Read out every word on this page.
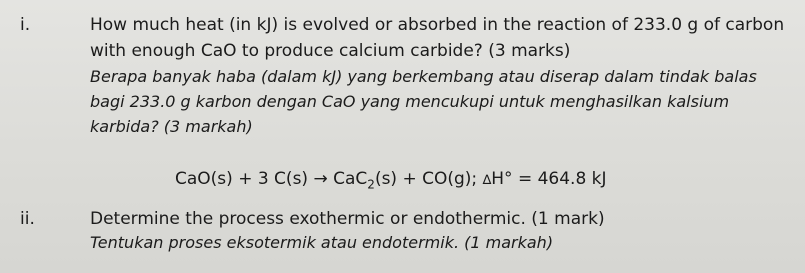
i.	How much heat (in kJ) is evolved or absorbed in the reaction of 233.0 g of carbon
with enough CaO to produce calcium carbide? (3 marks)
Berapa banyak haba (dalam kJ) yang berkembang atau diserap dalam tindak balas
bagi 233.0 g karbon dengan CaO yang mencukupi untuk menghasilkan kalsium
karbida? (3 markah)
CaO(s) + 3 C(s) → CaC$_2$(s) + CO(g); ∆H° = 464.8 kJ
ii.	Determine the process exothermic or endothermic. (1 mark)
Tentukan proses eksotermik atau endotermik. (1 markah)
